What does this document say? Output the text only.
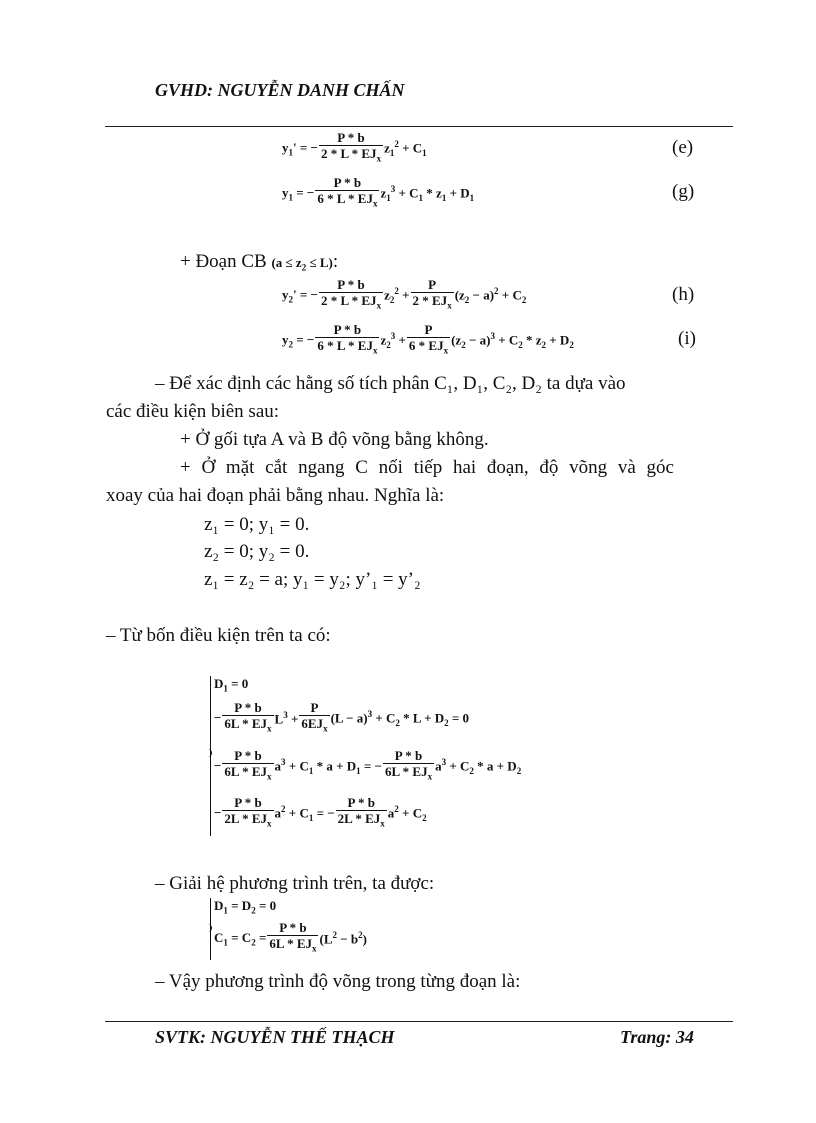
GVHD: NGUYỄN DANH CHẤN
$y_1'$ = − $\frac{P * b}{2 * L * EJ_x} z_1^2 + C_1$	(e)
$y_1$ = − $\frac{P * b}{6 * L * EJ_x} z_1^3 + C_1 * z_1 + D_1$	(g)
+ Đoạn CB $(a \le z_2 \le L)$:
$y_2'$ = − $\frac{P * b}{2 * L * EJ_x} z_2^2 + \frac{P}{2 * EJ_x} (z_2 - a)^2 + C_2$	(h)
$y_2$ = − $\frac{P * b}{6 * L * EJ_x} z_2^3 + \frac{P}{6 * EJ_x} (z_2 - a)^3 + C_2 * z_2 + D_2$	(i)
– Để xác định các hằng số tích phân C₁, D₁, C₂, D₂ ta dựa vào
các điều kiện biên sau:
+ Ở gối tựa A và B độ võng bằng không.
+ Ở mặt cắt ngang C nối tiếp hai đoạn, độ võng và góc
xoay của hai đoạn phải bằng nhau. Nghĩa là:
z₁ = 0; y₁ = 0.
z₂ = 0; y₂ = 0.
z₁ = z₂ = a; y₁ = y₂; y’₁ = y’₂
– Từ bốn điều kiện trên ta có:
$D_1 = 0$
− $\frac{P * b}{6L * EJ_x} L^3 + \frac{P}{6EJ_x} (L - a)^3 + C_2 * L + D_2 = 0$
− $\frac{P * b}{6L * EJ_x} a^3 + C_1 * a + D_1$ = − $\frac{P * b}{6L * EJ_x} a^3 + C_2 * a + D_2$
− $\frac{P * b}{2L * EJ_x} a^2 + C_1$ = − $\frac{P * b}{2L * EJ_x} a^2 + C_2$
– Giải hệ phương trình trên, ta được:
$D_1 = D_2 = 0$
$C_1 = C_2 = \frac{P * b}{6L * EJ_x} (L^2 - b^2)$
– Vậy phương trình độ võng trong từng đoạn là:
SVTK: NGUYỄN THẾ THẠCH	Trang: 34
